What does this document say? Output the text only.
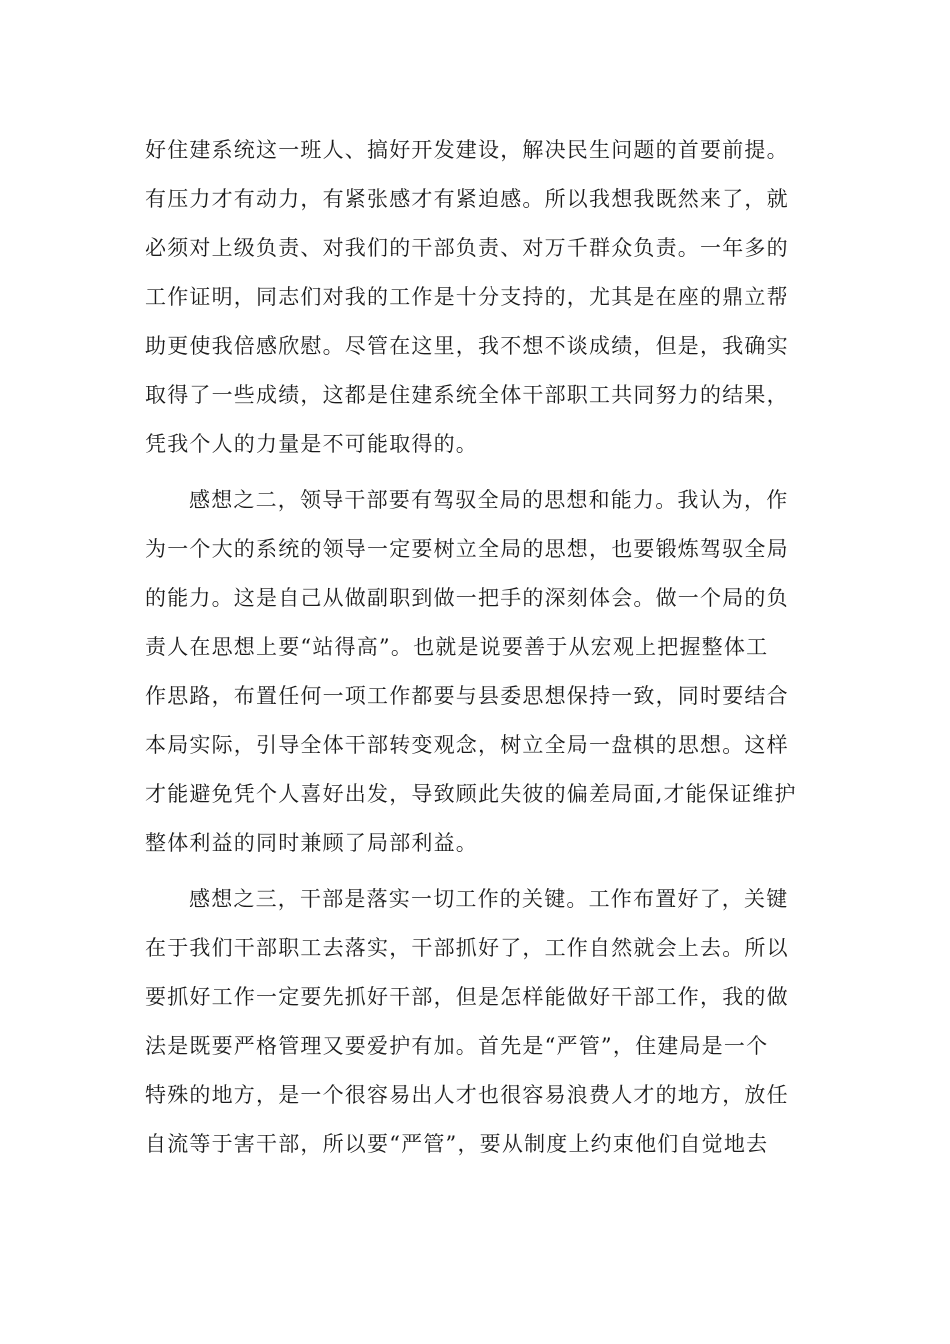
好住建系统这一班人、搞好开发建设，解决民生问题的首要前提。
有压力才有动力，有紧张感才有紧迫感。所以我想我既然来了，就
必须对上级负责、对我们的干部负责、对万千群众负责。一年多的
工作证明，同志们对我的工作是十分支持的，尤其是在座的鼎立帮
助更使我倍感欣慰。尽管在这里，我不想不谈成绩，但是，我确实
取得了一些成绩，这都是住建系统全体干部职工共同努力的结果，
凭我个人的力量是不可能取得的。
感想之二，领导干部要有驾驭全局的思想和能力。我认为，作
为一个大的系统的领导一定要树立全局的思想，也要锻炼驾驭全局
的能力。这是自己从做副职到做一把手的深刻体会。做一个局的负
责人在思想上要“站得高”。也就是说要善于从宏观上把握整体工
作思路，布置任何一项工作都要与县委思想保持一致，同时要结合
本局实际，引导全体干部转变观念，树立全局一盘棋的思想。这样
才能避免凭个人喜好出发，导致顾此失彼的偏差局面,才能保证维护
整体利益的同时兼顾了局部利益。
感想之三，干部是落实一切工作的关键。工作布置好了，关键
在于我们干部职工去落实，干部抓好了，工作自然就会上去。所以
要抓好工作一定要先抓好干部，但是怎样能做好干部工作，我的做
法是既要严格管理又要爱护有加。首先是“严管”，住建局是一个
特殊的地方，是一个很容易出人才也很容易浪费人才的地方，放任
自流等于害干部，所以要“严管”，要从制度上约束他们自觉地去
